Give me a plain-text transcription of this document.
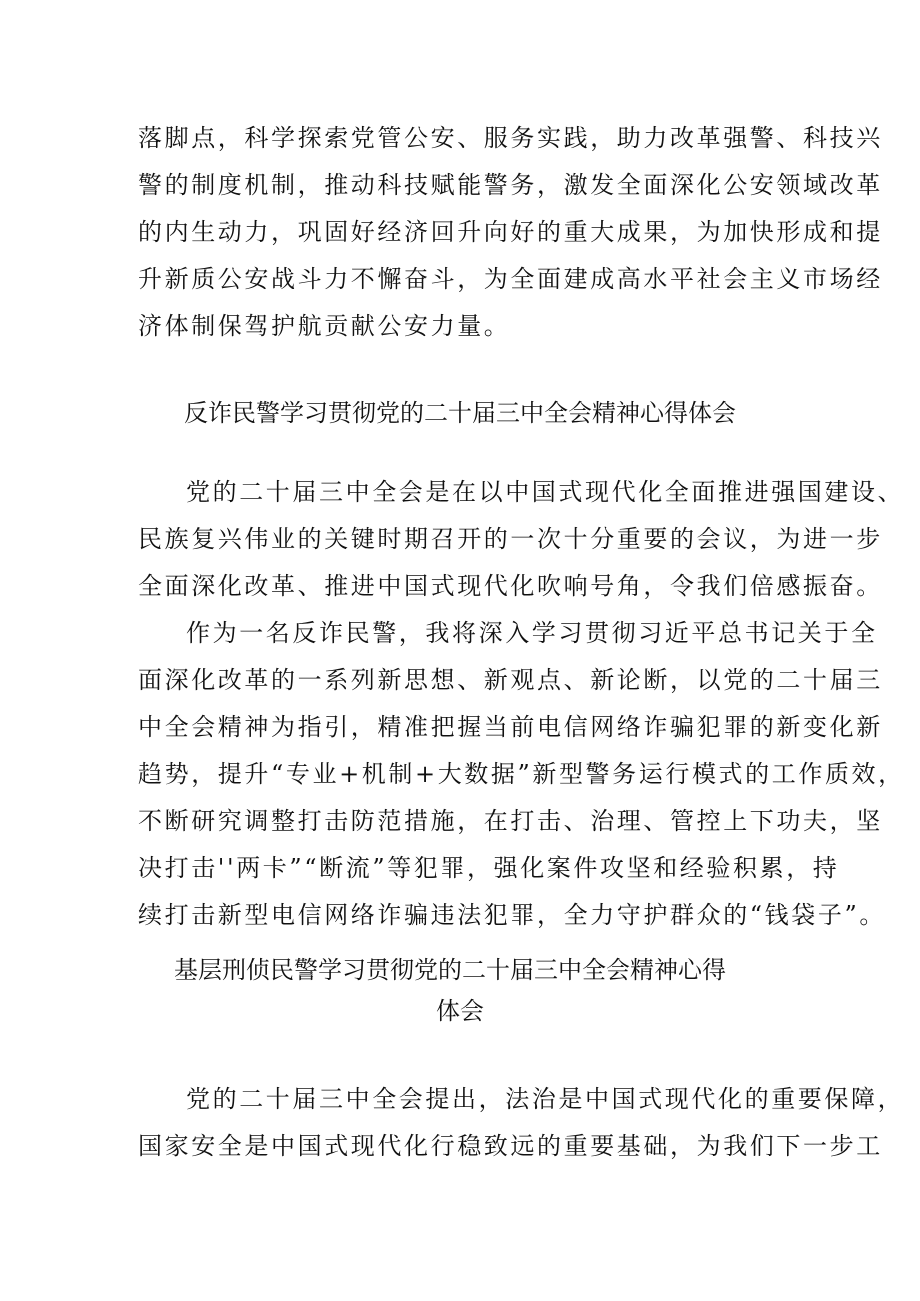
落脚点，科学探索党管公安、服务实践，助力改革强警、科技兴
警的制度机制，推动科技赋能警务，激发全面深化公安领域改革
的内生动力，巩固好经济回升向好的重大成果，为加快形成和提
升新质公安战斗力不懈奋斗，为全面建成高水平社会主义市场经
济体制保驾护航贡献公安力量。
反诈民警学习贯彻党的二十届三中全会精神心得体会
党的二十届三中全会是在以中国式现代化全面推进强国建设、
民族复兴伟业的关键时期召开的一次十分重要的会议，为进一步
全面深化改革、推进中国式现代化吹响号角，令我们倍感振奋。
作为一名反诈民警，我将深入学习贯彻习近平总书记关于全
面深化改革的一系列新思想、新观点、新论断，以党的二十届三
中全会精神为指引，精准把握当前电信网络诈骗犯罪的新变化新
趋势，提升“专业+机制+大数据”新型警务运行模式的工作质效，
不断研究调整打击防范措施，在打击、治理、管控上下功夫，坚
决打击''两卡”“断流”等犯罪，强化案件攻坚和经验积累，持
续打击新型电信网络诈骗违法犯罪，全力守护群众的“钱袋子”。
基层刑侦民警学习贯彻党的二十届三中全会精神心得
体会
党的二十届三中全会提出，法治是中国式现代化的重要保障，
国家安全是中国式现代化行稳致远的重要基础，为我们下一步工
